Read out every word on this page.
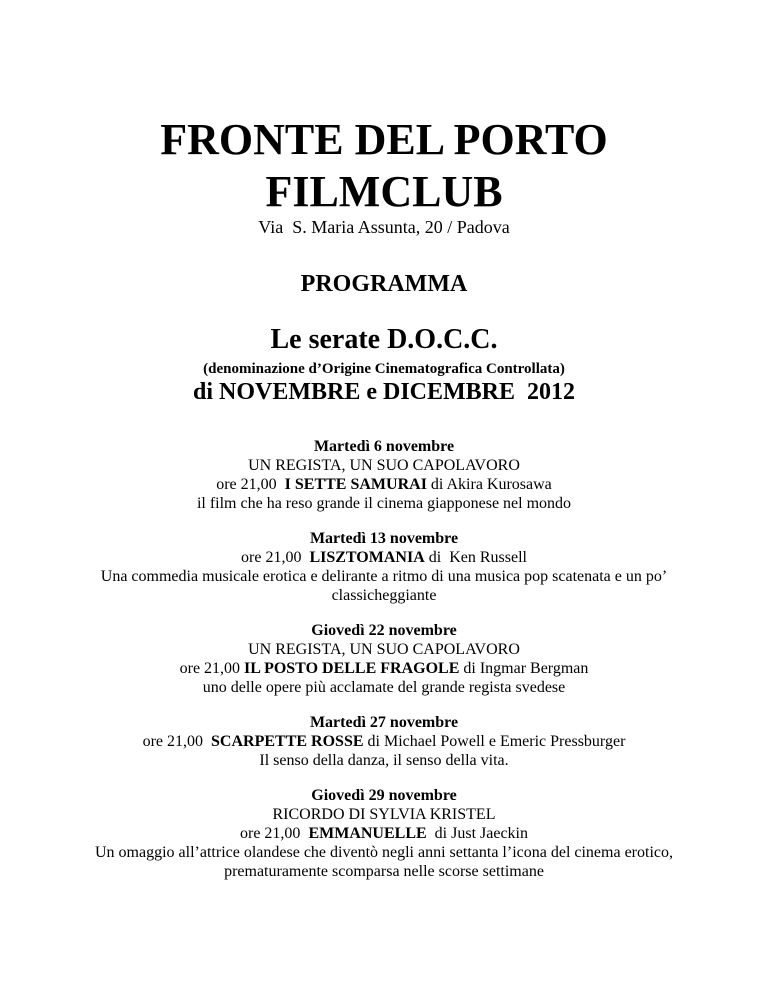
FRONTE DEL PORTO
FILMCLUB
Via  S. Maria Assunta, 20 / Padova
PROGRAMMA
Le serate D.O.C.C.
(denominazione d’Origine Cinematografica Controllata)
di NOVEMBRE e DICEMBRE  2012
Martedì 6 novembre
UN REGISTA, UN SUO CAPOLAVORO
ore 21,00  I SETTE SAMURAI di Akira Kurosawa
il film che ha reso grande il cinema giapponese nel mondo
Martedì 13 novembre
ore 21,00  LISZTOMANIA di  Ken Russell
Una commedia musicale erotica e delirante a ritmo di una musica pop scatenata e un po’ classicheggiante
Giovedì 22 novembre
UN REGISTA, UN SUO CAPOLAVORO
ore 21,00 IL POSTO DELLE FRAGOLE di Ingmar Bergman
uno delle opere più acclamate del grande regista svedese
Martedì 27 novembre
ore 21,00  SCARPETTE ROSSE di Michael Powell e Emeric Pressburger
Il senso della danza, il senso della vita.
Giovedì 29 novembre
RICORDO DI SYLVIA KRISTEL
ore 21,00  EMMANUELLE  di Just Jaeckin
Un omaggio all’attrice olandese che diventò negli anni settanta l’icona del cinema erotico, prematuramente scomparsa nelle scorse settimane
